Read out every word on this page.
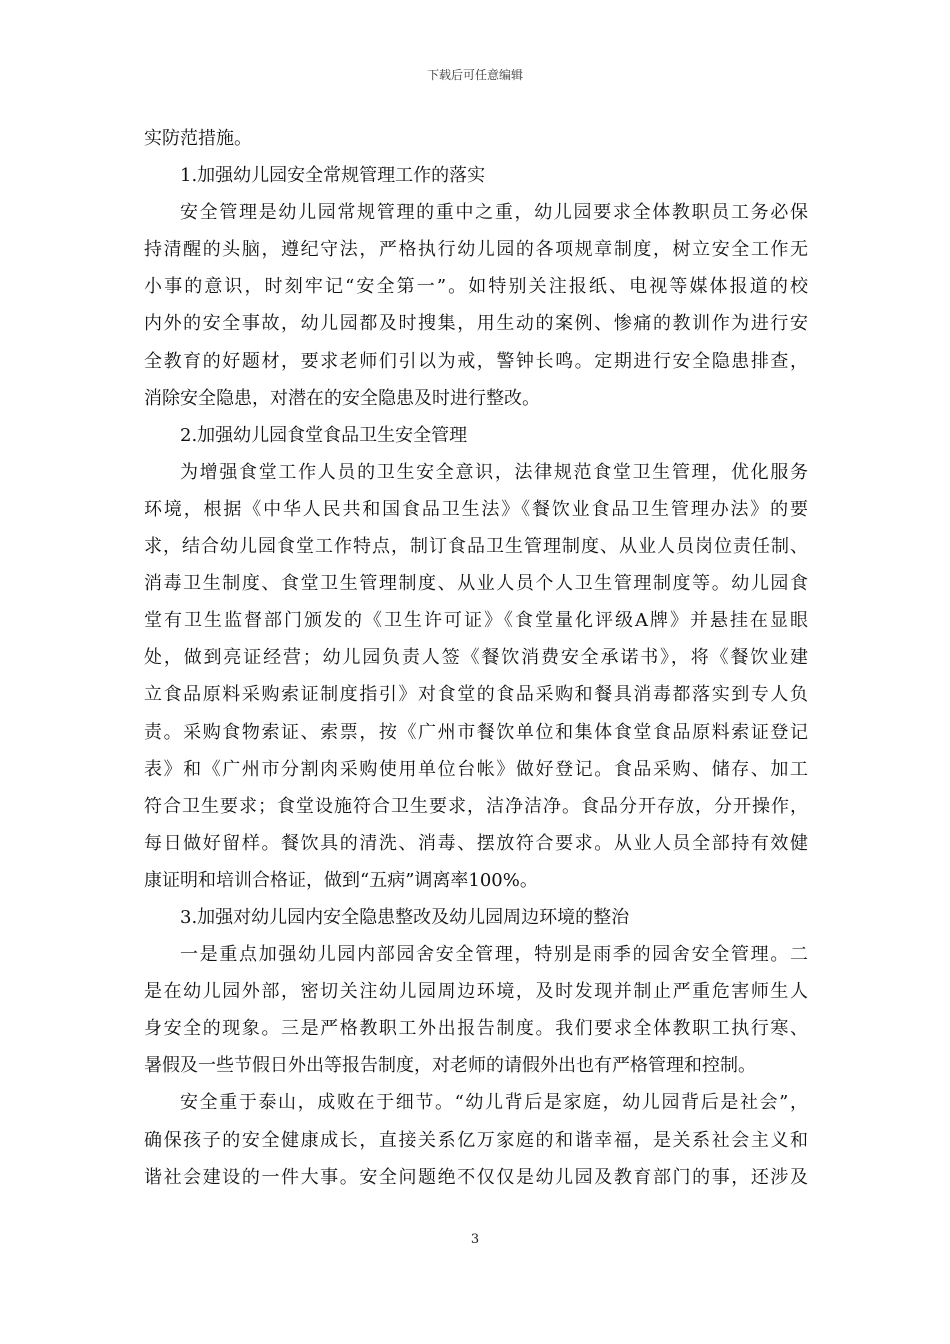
下载后可任意编辑
实防范措施。
1.加强幼儿园安全常规管理工作的落实
安全管理是幼儿园常规管理的重中之重，幼儿园要求全体教职员工务必保
持清醒的头脑，遵纪守法，严格执行幼儿园的各项规章制度，树立安全工作无
小事的意识，时刻牢记“安全第一”。如特别关注报纸、电视等媒体报道的校
内外的安全事故，幼儿园都及时搜集，用生动的案例、惨痛的教训作为进行安
全教育的好题材，要求老师们引以为戒，警钟长鸣。定期进行安全隐患排查，
消除安全隐患，对潜在的安全隐患及时进行整改。
2.加强幼儿园食堂食品卫生安全管理
为增强食堂工作人员的卫生安全意识，法律规范食堂卫生管理，优化服务
环境，根据《中华人民共和国食品卫生法》《餐饮业食品卫生管理办法》的要
求，结合幼儿园食堂工作特点，制订食品卫生管理制度、从业人员岗位责任制、
消毒卫生制度、食堂卫生管理制度、从业人员个人卫生管理制度等。幼儿园食
堂有卫生监督部门颁发的《卫生许可证》《食堂量化评级A牌》并悬挂在显眼
处，做到亮证经营；幼儿园负责人签《餐饮消费安全承诺书》，将《餐饮业建
立食品原料采购索证制度指引》对食堂的食品采购和餐具消毒都落实到专人负
责。采购食物索证、索票，按《广州市餐饮单位和集体食堂食品原料索证登记
表》和《广州市分割肉采购使用单位台帐》做好登记。食品采购、储存、加工
符合卫生要求；食堂设施符合卫生要求，洁净洁净。食品分开存放，分开操作，
每日做好留样。餐饮具的清洗、消毒、摆放符合要求。从业人员全部持有效健
康证明和培训合格证，做到“五病”调离率100%。
3.加强对幼儿园内安全隐患整改及幼儿园周边环境的整治
一是重点加强幼儿园内部园舍安全管理，特别是雨季的园舍安全管理。二
是在幼儿园外部，密切关注幼儿园周边环境，及时发现并制止严重危害师生人
身安全的现象。三是严格教职工外出报告制度。我们要求全体教职工执行寒、
暑假及一些节假日外出等报告制度，对老师的请假外出也有严格管理和控制。
安全重于泰山，成败在于细节。“幼儿背后是家庭，幼儿园背后是社会”，
确保孩子的安全健康成长，直接关系亿万家庭的和谐幸福，是关系社会主义和
谐社会建设的一件大事。安全问题绝不仅仅是幼儿园及教育部门的事，还涉及
3
